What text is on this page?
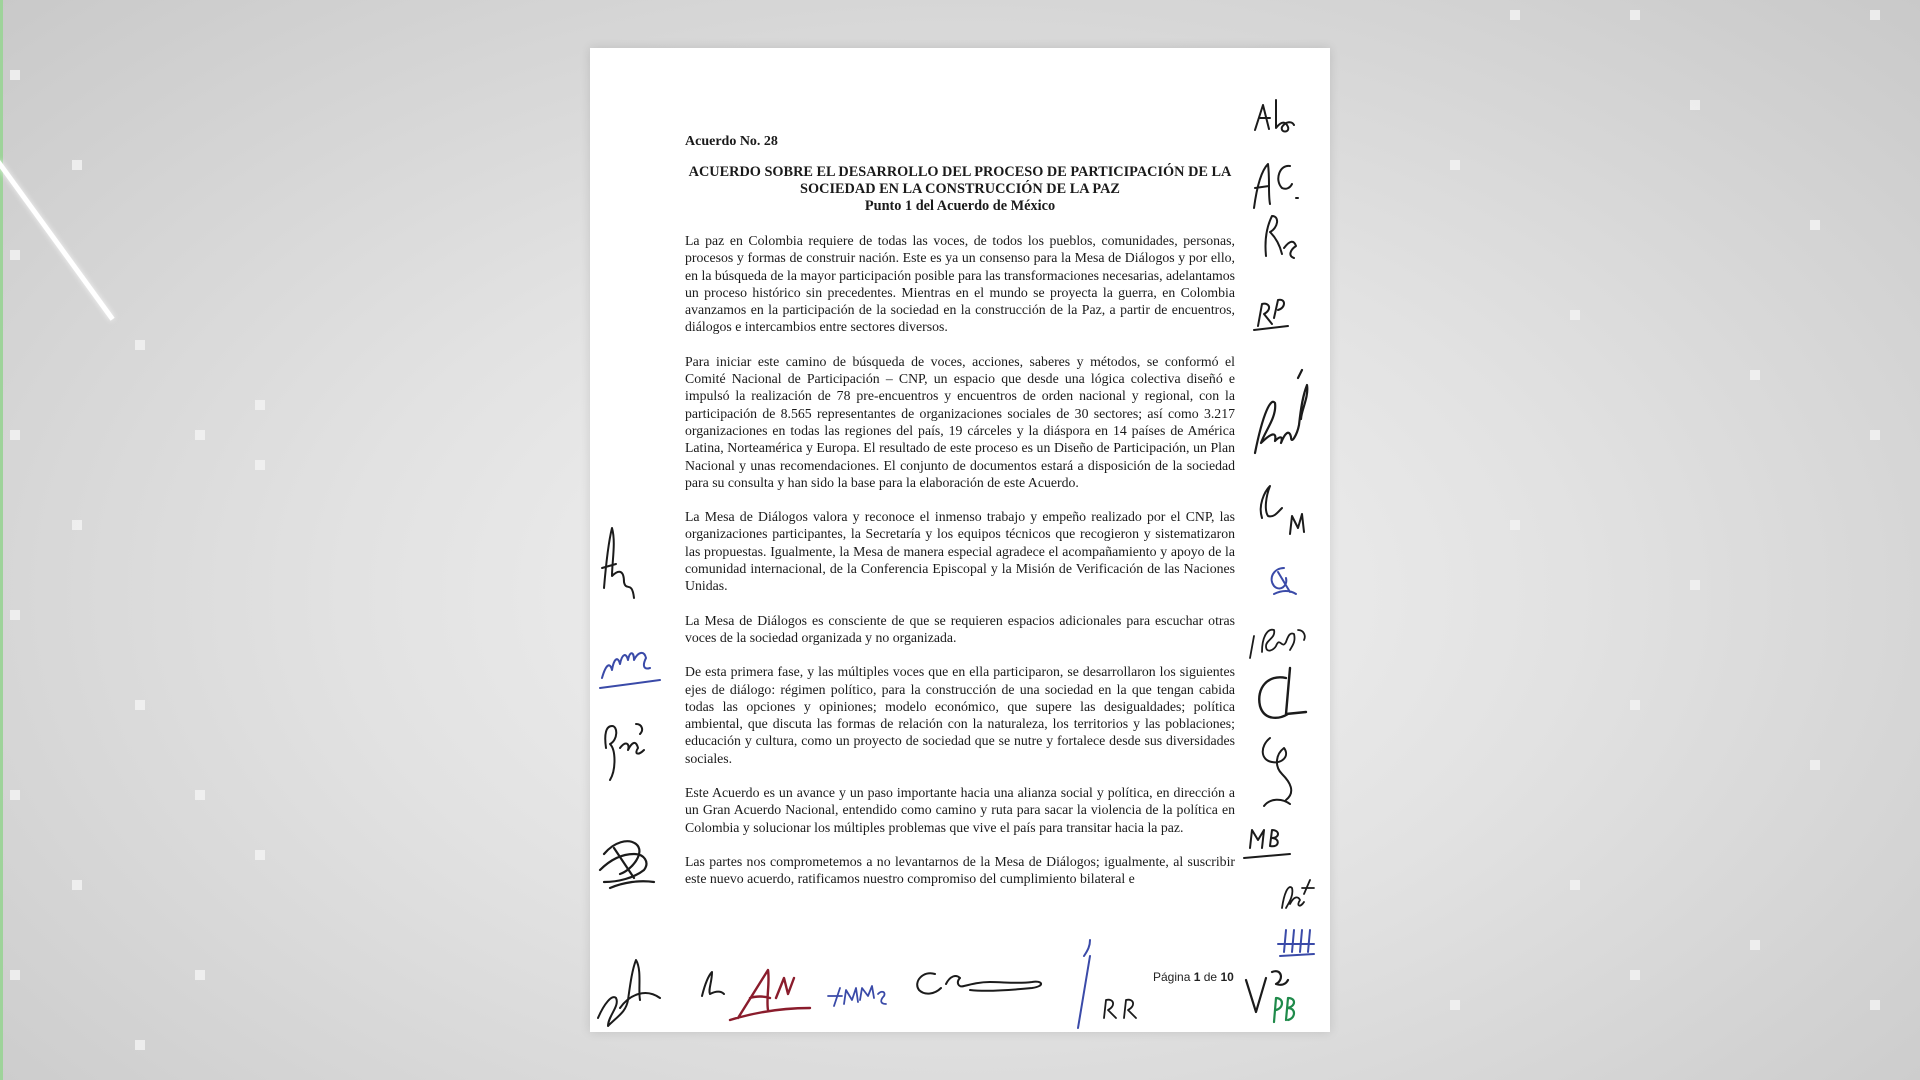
Acuerdo No. 28

ACUERDO SOBRE EL DESARROLLO DEL PROCESO DE PARTICIPACIÓN DE LA SOCIEDAD EN LA CONSTRUCCIÓN DE LA PAZ

Punto 1 del Acuerdo de México

La paz en Colombia requiere de todas las voces, de todos los pueblos, comunidades, personas, procesos y formas de construir nación. Este es ya un consenso para la Mesa de Diálogos y por ello, en la búsqueda de la mayor participación posible para las transformaciones necesarias, adelantamos un proceso histórico sin precedentes. Mientras en el mundo se proyecta la guerra, en Colombia avanzamos en la participación de la sociedad en la construcción de la Paz, a partir de encuentros, diálogos e intercambios entre sectores diversos.

Para iniciar este camino de búsqueda de voces, acciones, saberes y métodos, se conformó el Comité Nacional de Participación – CNP, un espacio que desde una lógica colectiva diseñó e impulsó la realización de 78 pre-encuentros y encuentros de orden nacional y regional, con la participación de 8.565 representantes de organizaciones sociales de 30 sectores; así como 3.217 organizaciones en todas las regiones del país, 19 cárceles y la diáspora en 14 países de América Latina, Norteamérica y Europa. El resultado de este proceso es un Diseño de Participación, un Plan Nacional y unas recomendaciones. El conjunto de documentos estará a disposición de la sociedad para su consulta y han sido la base para la elaboración de este Acuerdo.

La Mesa de Diálogos valora y reconoce el inmenso trabajo y empeño realizado por el CNP, las organizaciones participantes, la Secretaría y los equipos técnicos que recogieron y sistematizaron las propuestas. Igualmente, la Mesa de manera especial agradece el acompañamiento y apoyo de la comunidad internacional, de la Conferencia Episcopal y la Misión de Verificación de las Naciones Unidas.

La Mesa de Diálogos es consciente de que se requieren espacios adicionales para escuchar otras voces de la sociedad organizada y no organizada.

De esta primera fase, y las múltiples voces que en ella participaron, se desarrollaron los siguientes ejes de diálogo: régimen político, para la construcción de una sociedad en la que tengan cabida todas las opciones y opiniones; modelo económico, que supere las desigualdades; política ambiental, que discuta las formas de relación con la naturaleza, los territorios y las poblaciones; educación y cultura, como un proyecto de sociedad que se nutre y fortalece desde sus diversidades sociales.

Este Acuerdo es un avance y un paso importante hacia una alianza social y política, en dirección a un Gran Acuerdo Nacional, entendido como camino y ruta para sacar la violencia de la política en Colombia y solucionar los múltiples problemas que vive el país para transitar hacia la paz.

Las partes nos comprometemos a no levantarnos de la Mesa de Diálogos; igualmente, al suscribir este nuevo acuerdo, ratificamos nuestro compromiso del cumplimiento bilateral e

Página 1 de 10
